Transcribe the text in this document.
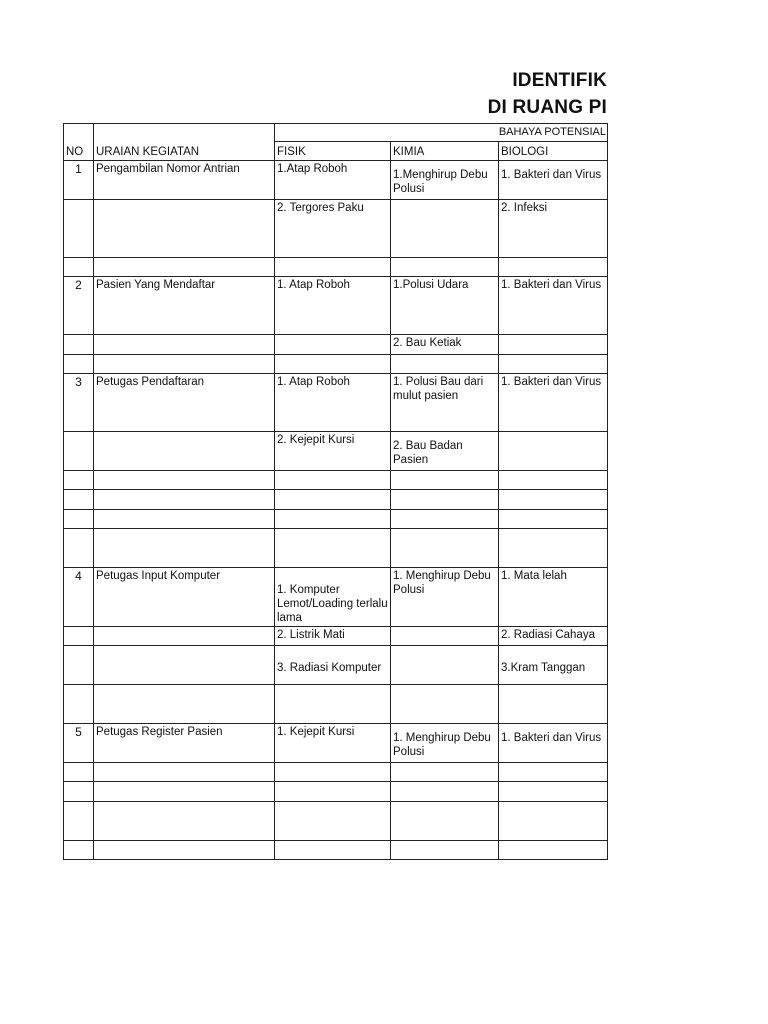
IDENTIFIK
DI RUANG PI
		BAHAYA POTENSIAL		
NO	URAIAN KEGIATAN	FISIK	KIMIA	BIOLOGI
1	Pengambilan Nomor Antrian	1.Atap Roboh	1.Menghirup Debu Polusi	1. Bakteri dan Virus
		2. Tergores Paku		2. Infeksi

2	Pasien Yang Mendaftar	1. Atap Roboh	1.Polusi Udara	1. Bakteri dan Virus
			2. Bau Ketiak	

3	Petugas Pendaftaran	1. Atap Roboh	1. Polusi Bau dari mulut pasien	1. Bakteri dan Virus
		2. Kejepit Kursi	2. Bau Badan Pasien	

4	Petugas Input Komputer	1. Komputer Lemot/Loading terlalu lama	1. Menghirup Debu Polusi	1. Mata lelah
		2. Listrik Mati		2. Radiasi Cahaya
		3. Radiasi Komputer		3.Kram Tanggan

5	Petugas Register Pasien	1. Kejepit Kursi	1. Menghirup Debu Polusi	1. Bakteri dan Virus
